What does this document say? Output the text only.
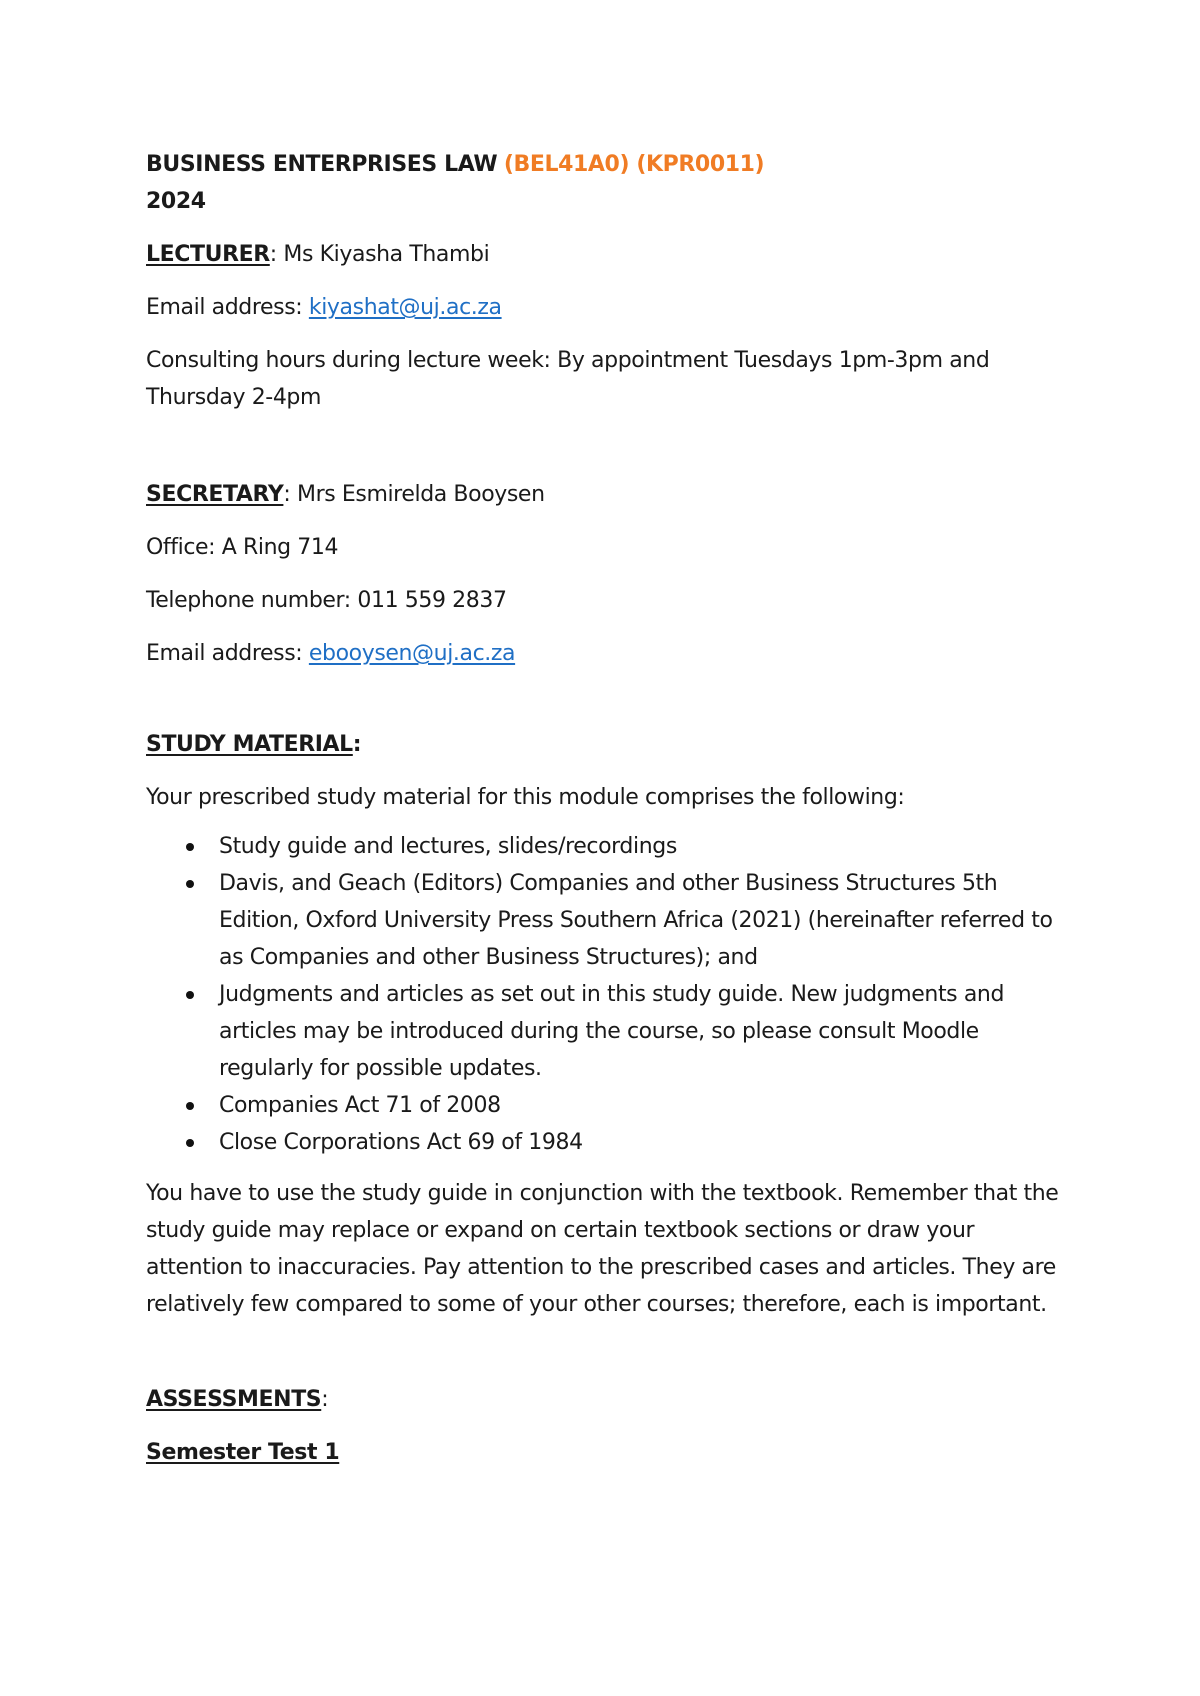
BUSINESS ENTERPRISES LAW (BEL41A0) (KPR0011)

2024

LECTURER: Ms Kiyasha Thambi

Email address: kiyashat@uj.ac.za

Consulting hours during lecture week: By appointment Tuesdays 1pm-3pm and Thursday 2-4pm

SECRETARY: Mrs Esmirelda Booysen

Office: A Ring 714

Telephone number: 011 559 2837

Email address: ebooysen@uj.ac.za

STUDY MATERIAL:

Your prescribed study material for this module comprises the following:

Study guide and lectures, slides/recordings
Davis, and Geach (Editors) Companies and other Business Structures 5th Edition, Oxford University Press Southern Africa (2021) (hereinafter referred to as Companies and other Business Structures); and
Judgments and articles as set out in this study guide. New judgments and articles may be introduced during the course, so please consult Moodle regularly for possible updates.
Companies Act 71 of 2008
Close Corporations Act 69 of 1984

You have to use the study guide in conjunction with the textbook. Remember that the study guide may replace or expand on certain textbook sections or draw your attention to inaccuracies. Pay attention to the prescribed cases and articles. They are relatively few compared to some of your other courses; therefore, each is important.

ASSESSMENTS:

Semester Test 1
